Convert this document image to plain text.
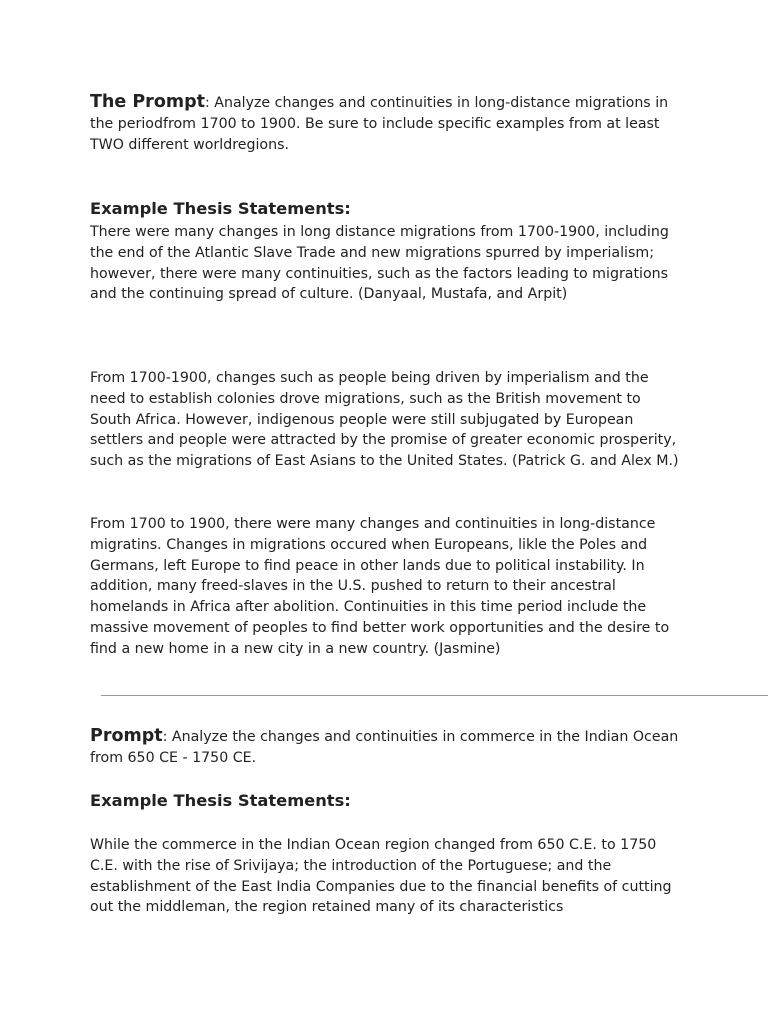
The Prompt: Analyze changes and continuities in long-distance migrations in the periodfrom 1700 to 1900. Be sure to include specific examples from at least TWO different worldregions.

Example Thesis Statements:

There were many changes in long distance migrations from 1700-1900, including the end of the Atlantic Slave Trade and new migrations spurred by imperialism; however, there were many continuities, such as the factors leading to migrations and the continuing spread of culture. (Danyaal, Mustafa, and Arpit)

From 1700-1900, changes such as people being driven by imperialism and the need to establish colonies drove migrations, such as the British movement to South Africa. However, indigenous people were still subjugated by European settlers and people were attracted by the promise of greater economic prosperity, such as the migrations of East Asians to the United States. (Patrick G. and Alex M.)

From 1700 to 1900, there were many changes and continuities in long-distance migratins. Changes in migrations occured when Europeans, likle the Poles and Germans, left Europe to find peace in other lands due to political instability. In addition, many freed-slaves in the U.S. pushed to return to their ancestral homelands in Africa after abolition. Continuities in this time period include the massive movement of peoples to find better work opportunities and the desire to find a new home in a new city in a new country. (Jasmine)

Prompt: Analyze the changes and continuities in commerce in the Indian Ocean from 650 CE - 1750 CE.

Example Thesis Statements:

While the commerce in the Indian Ocean region changed from 650 C.E. to 1750 C.E. with the rise of Srivijaya; the introduction of the Portuguese; and the establishment of the East India Companies due to the financial benefits of cutting out the middleman, the region retained many of its characteristics
